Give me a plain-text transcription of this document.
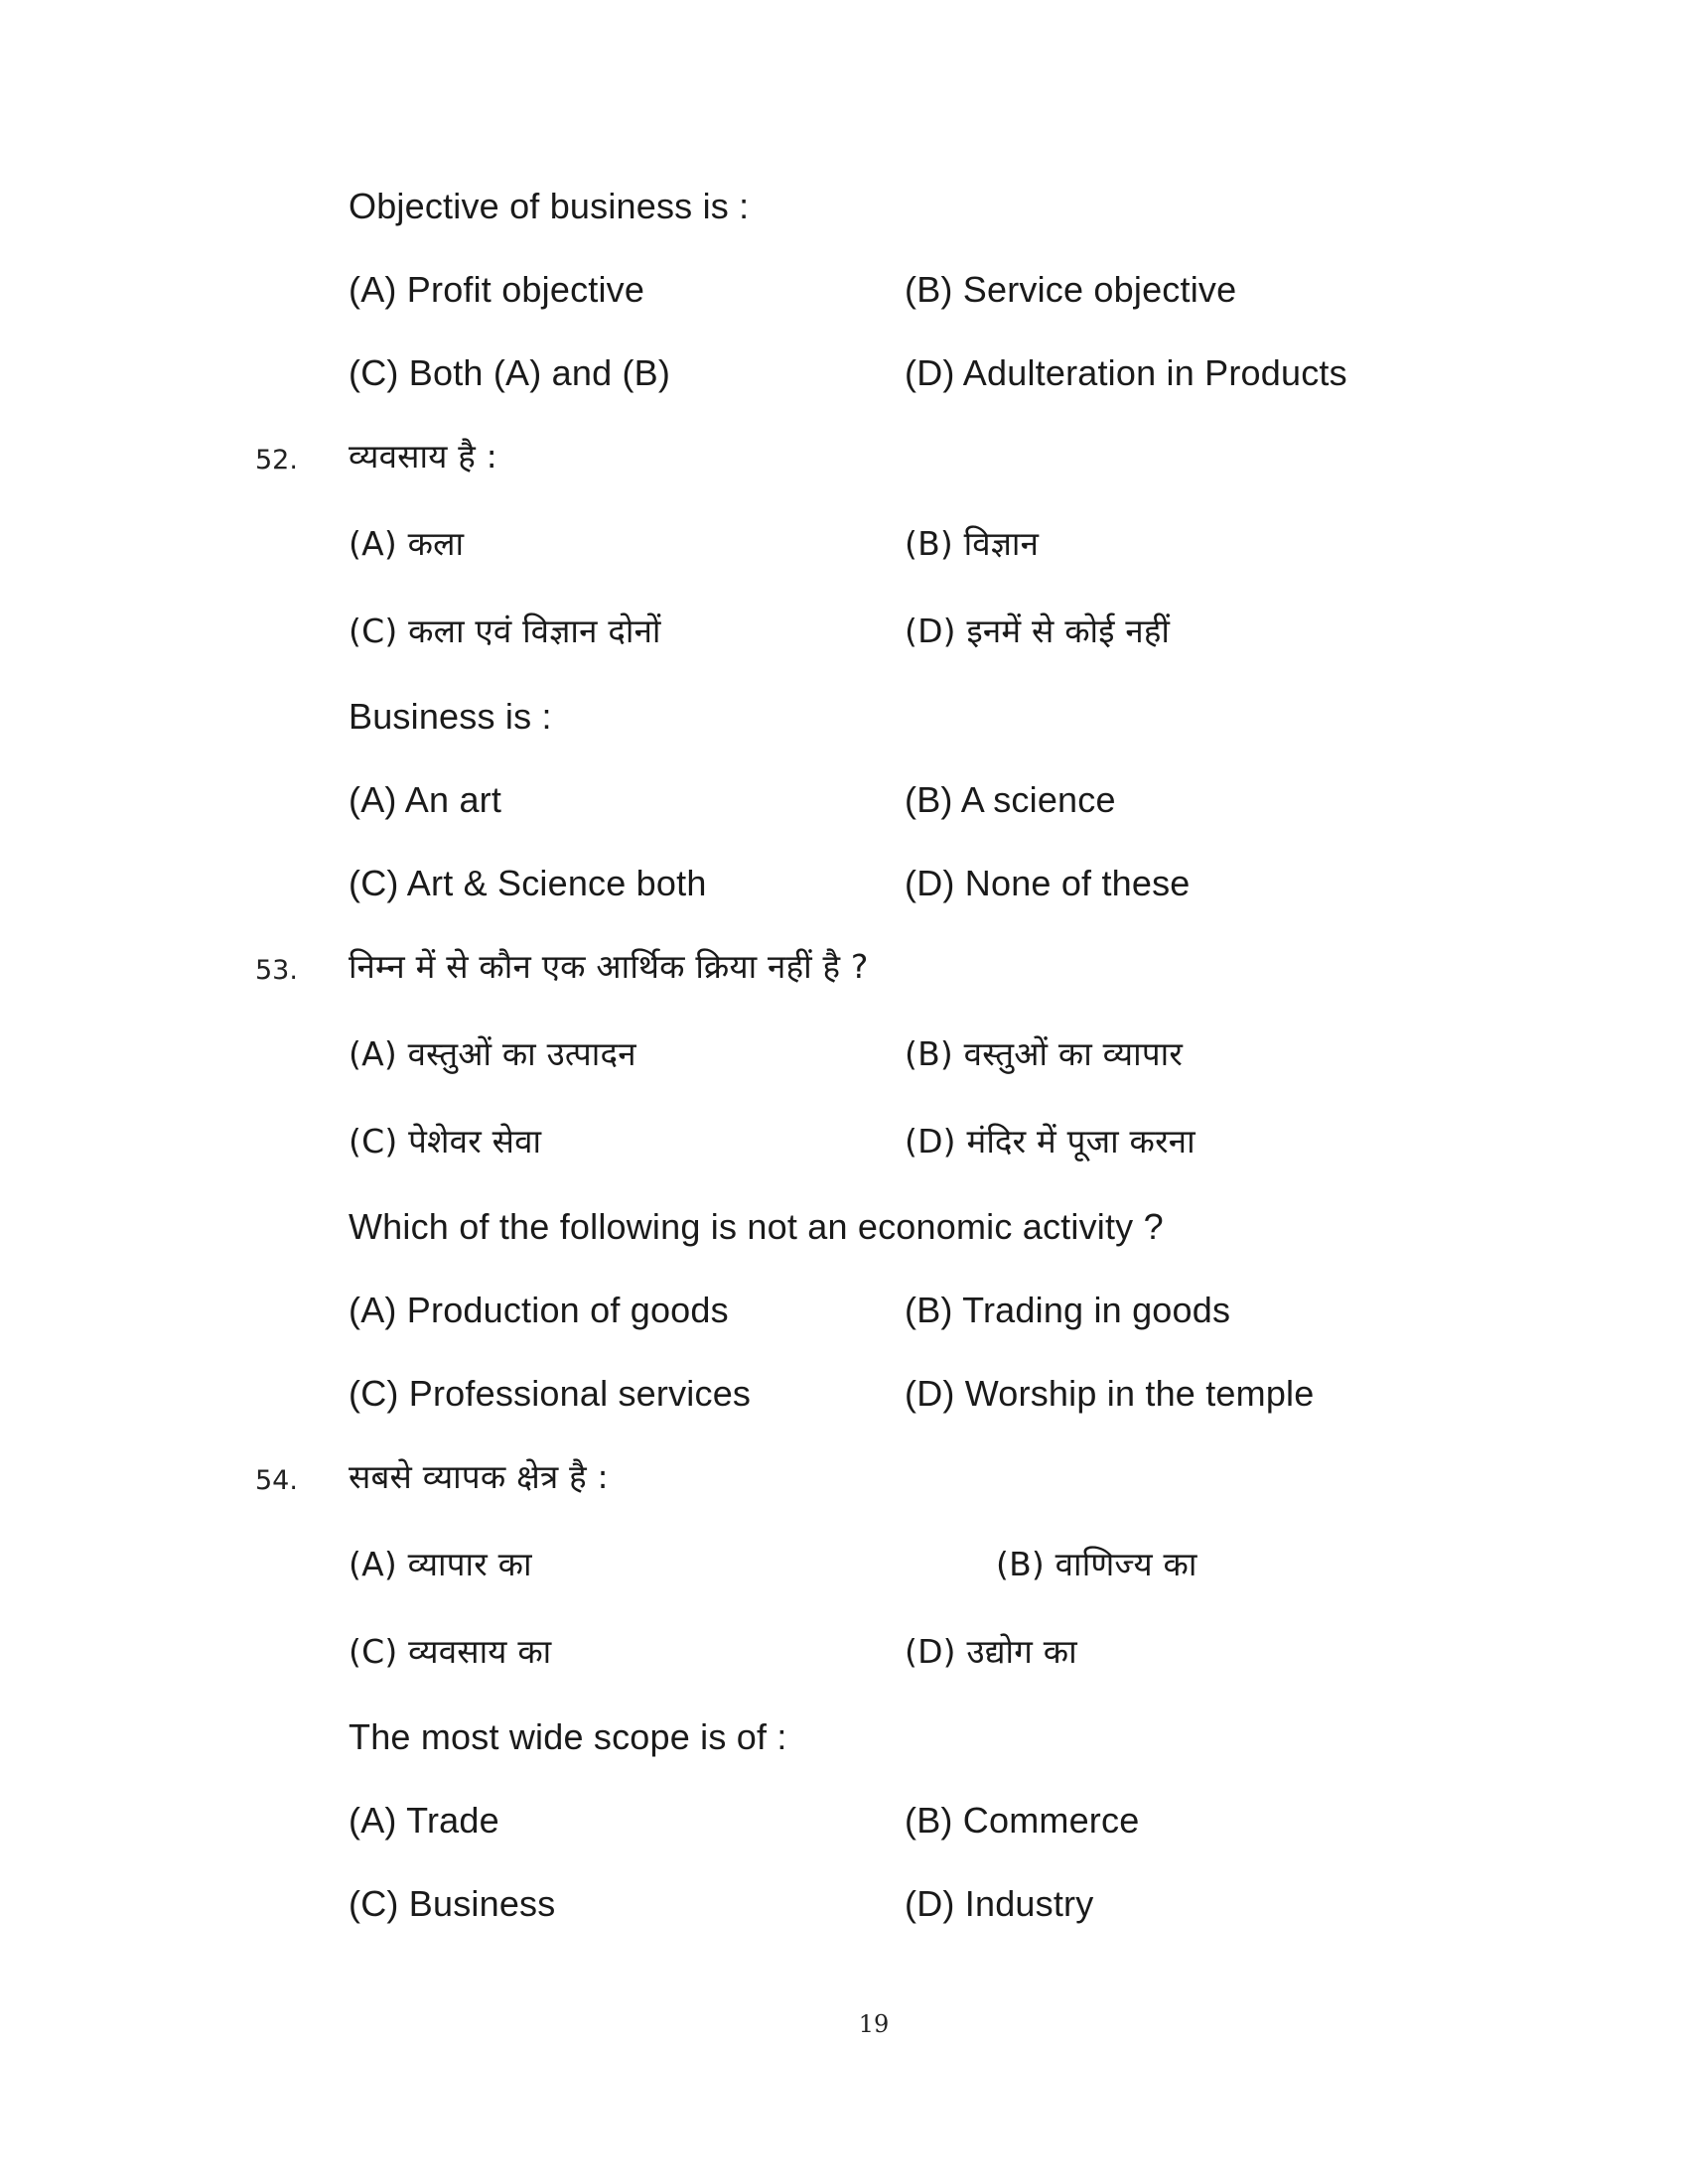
Objective of business is :
(A) Profit objective	(B) Service objective
(C) Both (A) and (B)	(D) Adulteration in Products
52. व्यवसाय है :
(A) कला	(B) विज्ञान
(C) कला एवं विज्ञान दोनों	(D) इनमें से कोई नहीं
Business is :
(A) An art	(B) A science
(C) Art & Science both	(D) None of these
53. निम्न में से कौन एक आर्थिक क्रिया नहीं है ?
(A) वस्तुओं का उत्पादन	(B) वस्तुओं का व्यापार
(C) पेशेवर सेवा	(D) मंदिर में पूजा करना
Which of the following is not an economic activity ?
(A) Production of goods	(B) Trading in goods
(C) Professional services	(D) Worship in the temple
54. सबसे व्यापक क्षेत्र है :
(A) व्यापार का	(B) वाणिज्य का
(C) व्यवसाय का	(D) उद्योग का
The most wide scope is of :
(A) Trade	(B) Commerce
(C) Business	(D) Industry
19
